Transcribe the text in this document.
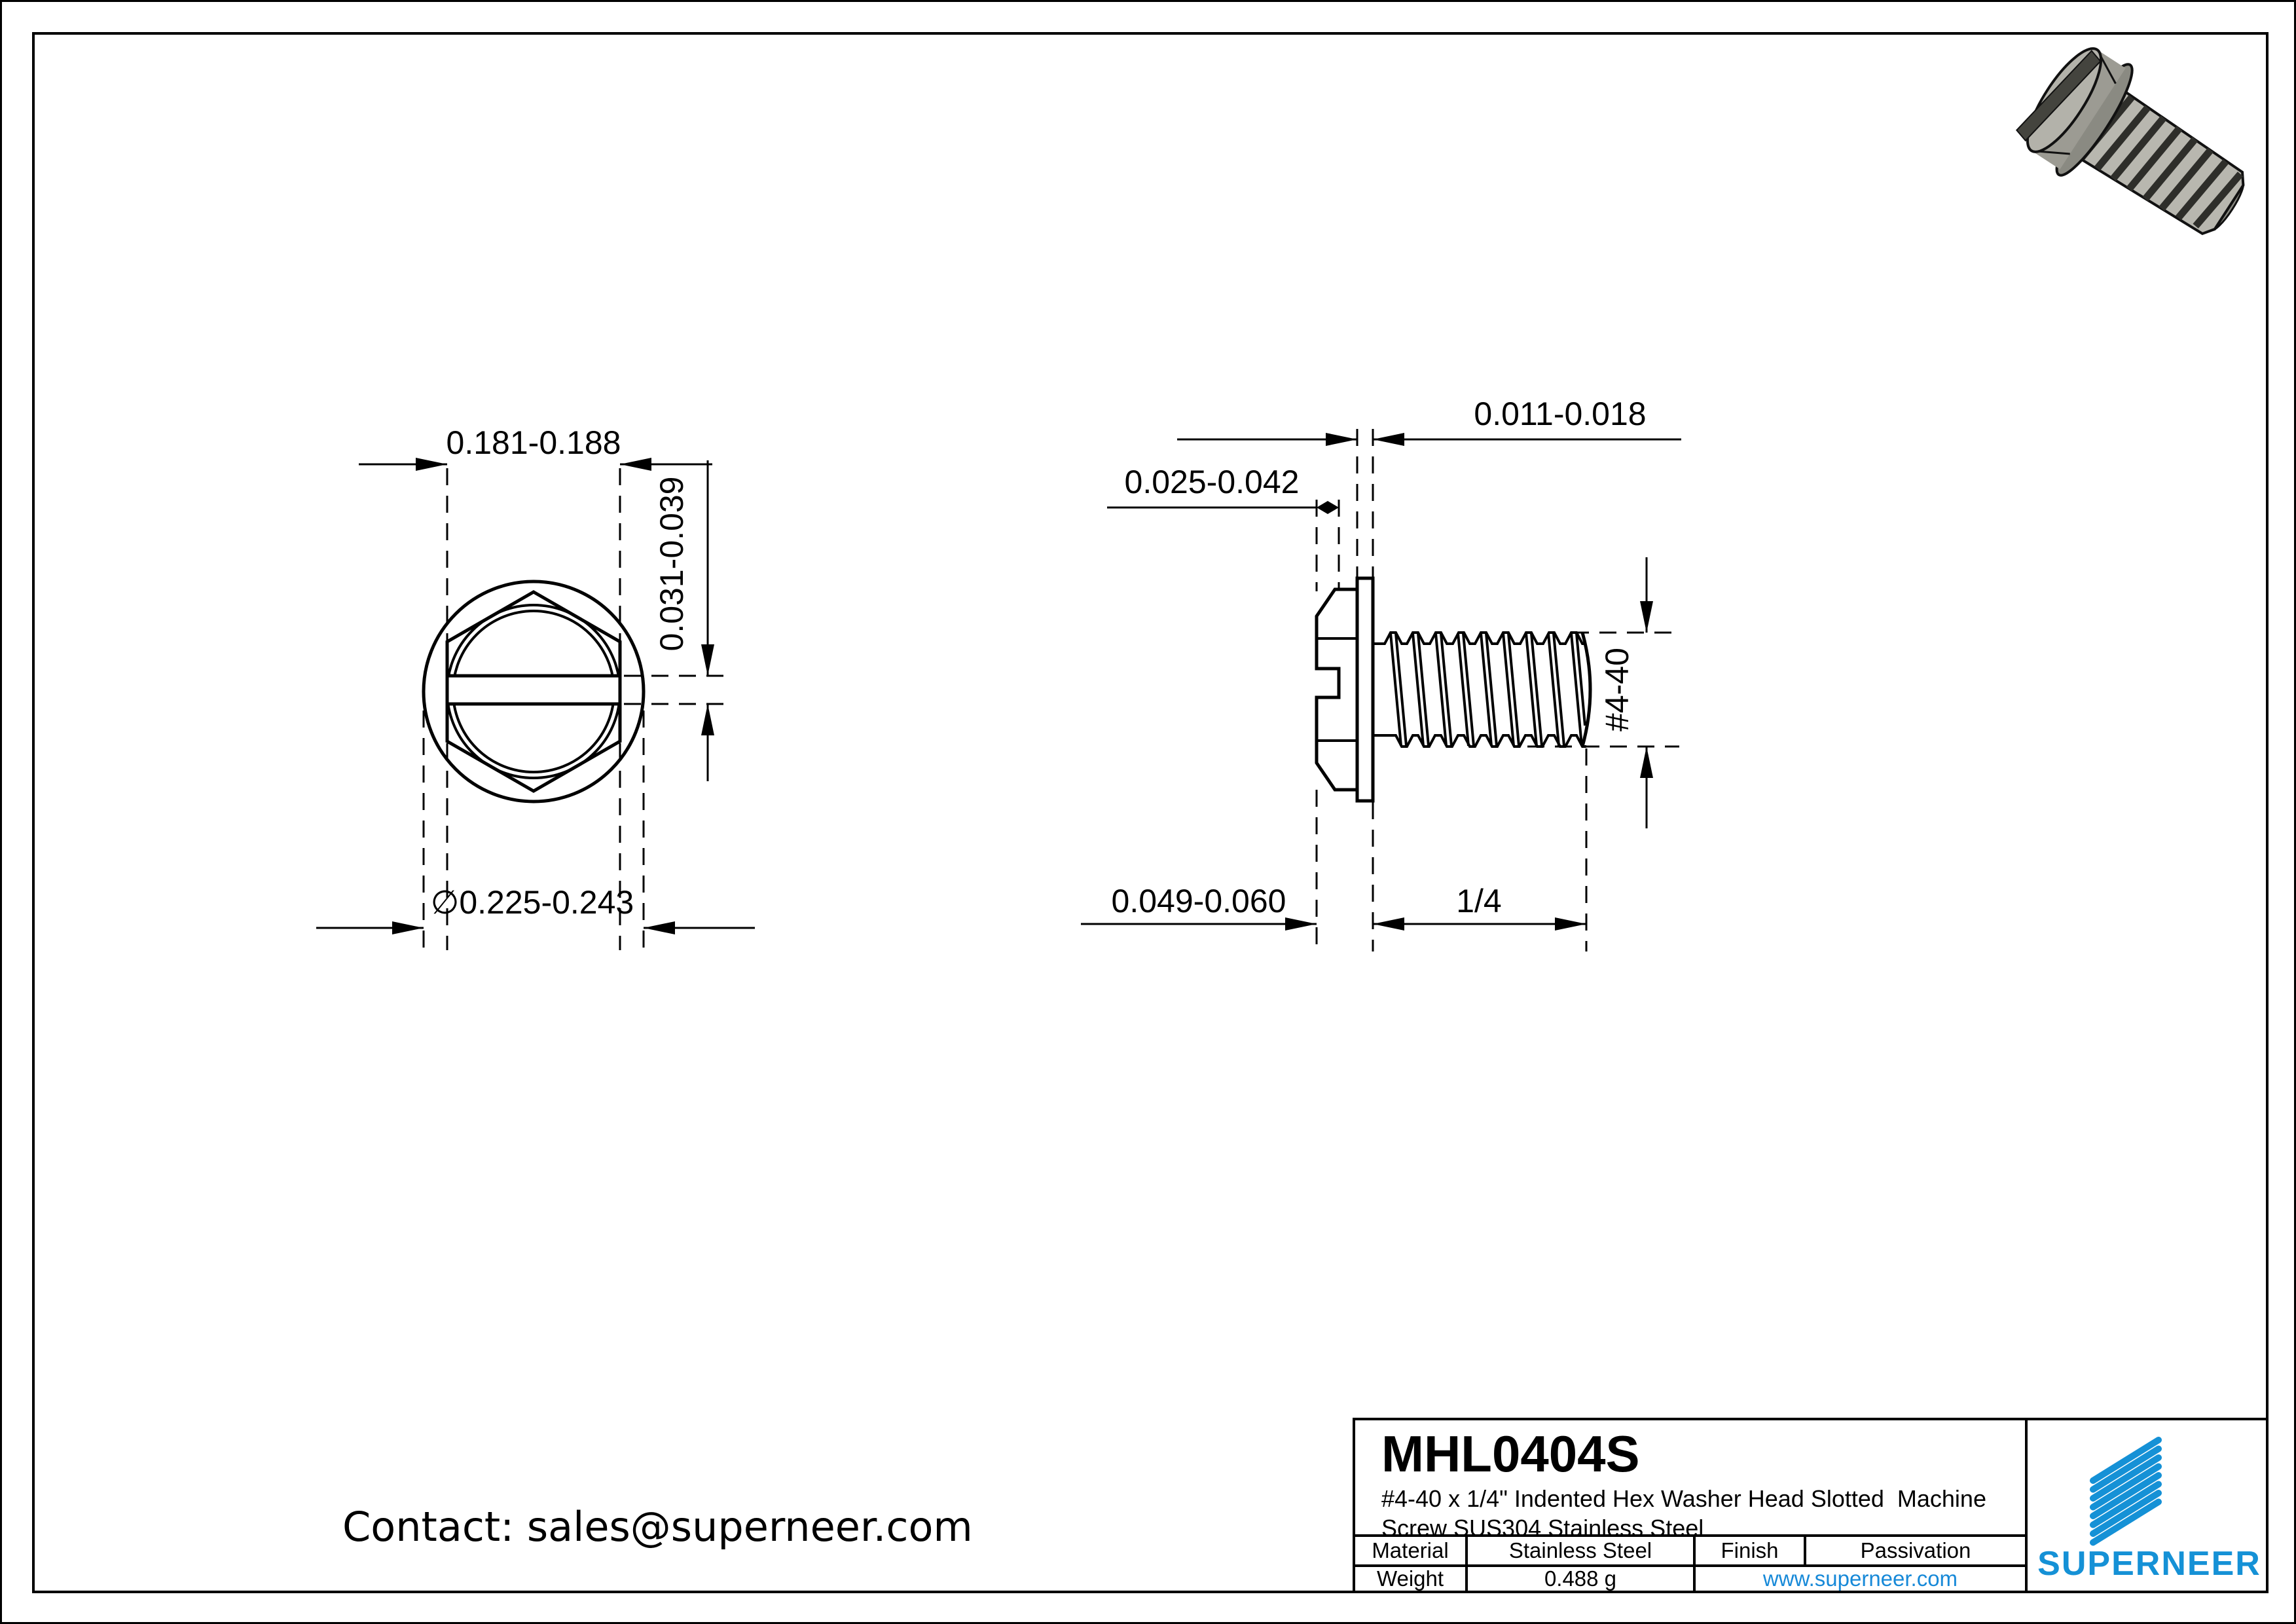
0.181-0.188
0.031-0.039
∅0.225-0.243
0.011-0.018
0.025-0.042
0.049-0.060	1/4
#4-40
Contact: sales@superneer.com
MHL0404S
#4-40 x 1/4" Indented Hex Washer Head Slotted  Machine
Screw SUS304 Stainless Steel
Material	Stainless Steel	Finish	Passivation
Weight	0.488 g	www.superneer.com	SUPERNEER
